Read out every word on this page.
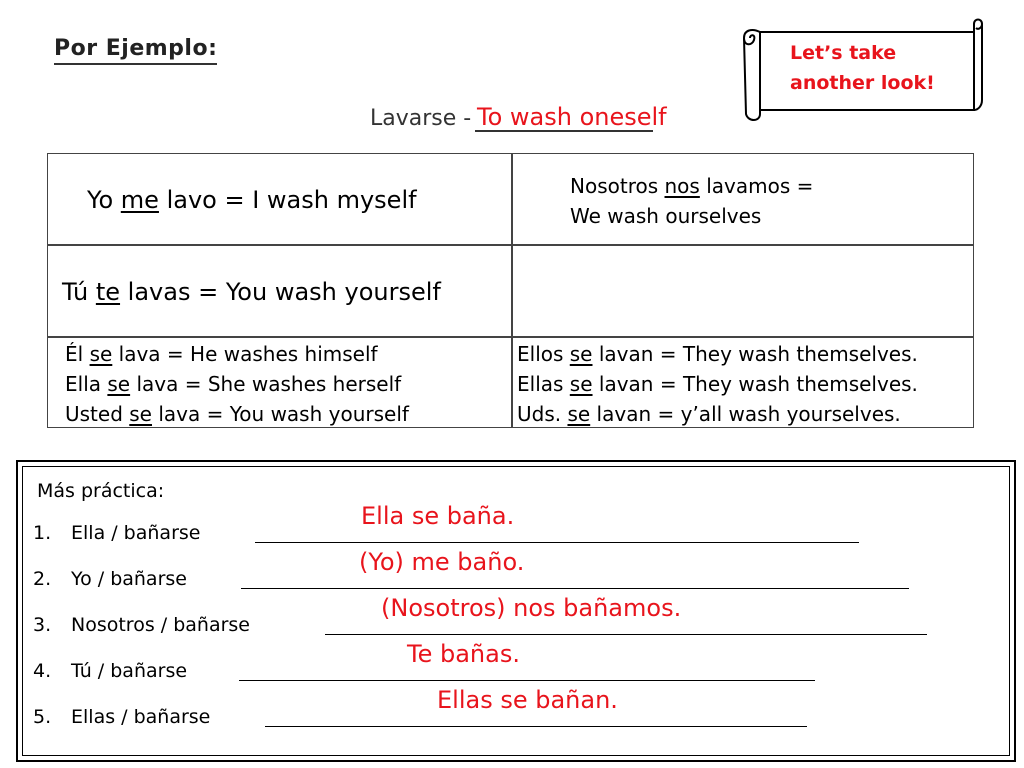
Por Ejemplo:
Lavarse - To wash oneself
Let’s take
another look!
Yo me lavo = I wash myself	Nosotros nos lavamos =
We wash ourselves
Tú te lavas = You wash yourself
Él se lava = He washes himself
Ella se lava = She washes herself
Usted se lava = You wash yourself
Ellos se lavan = They wash themselves.
Ellas se lavan = They wash themselves.
Uds. se lavan = y’all wash yourselves.
Más práctica:
1. Ella / bañarse
Ella se baña.
2. Yo / bañarse
(Yo) me baño.
3. Nosotros / bañarse
(Nosotros) nos bañamos.
4. Tú / bañarse
Te bañas.
5. Ellas / bañarse
Ellas se bañan.
